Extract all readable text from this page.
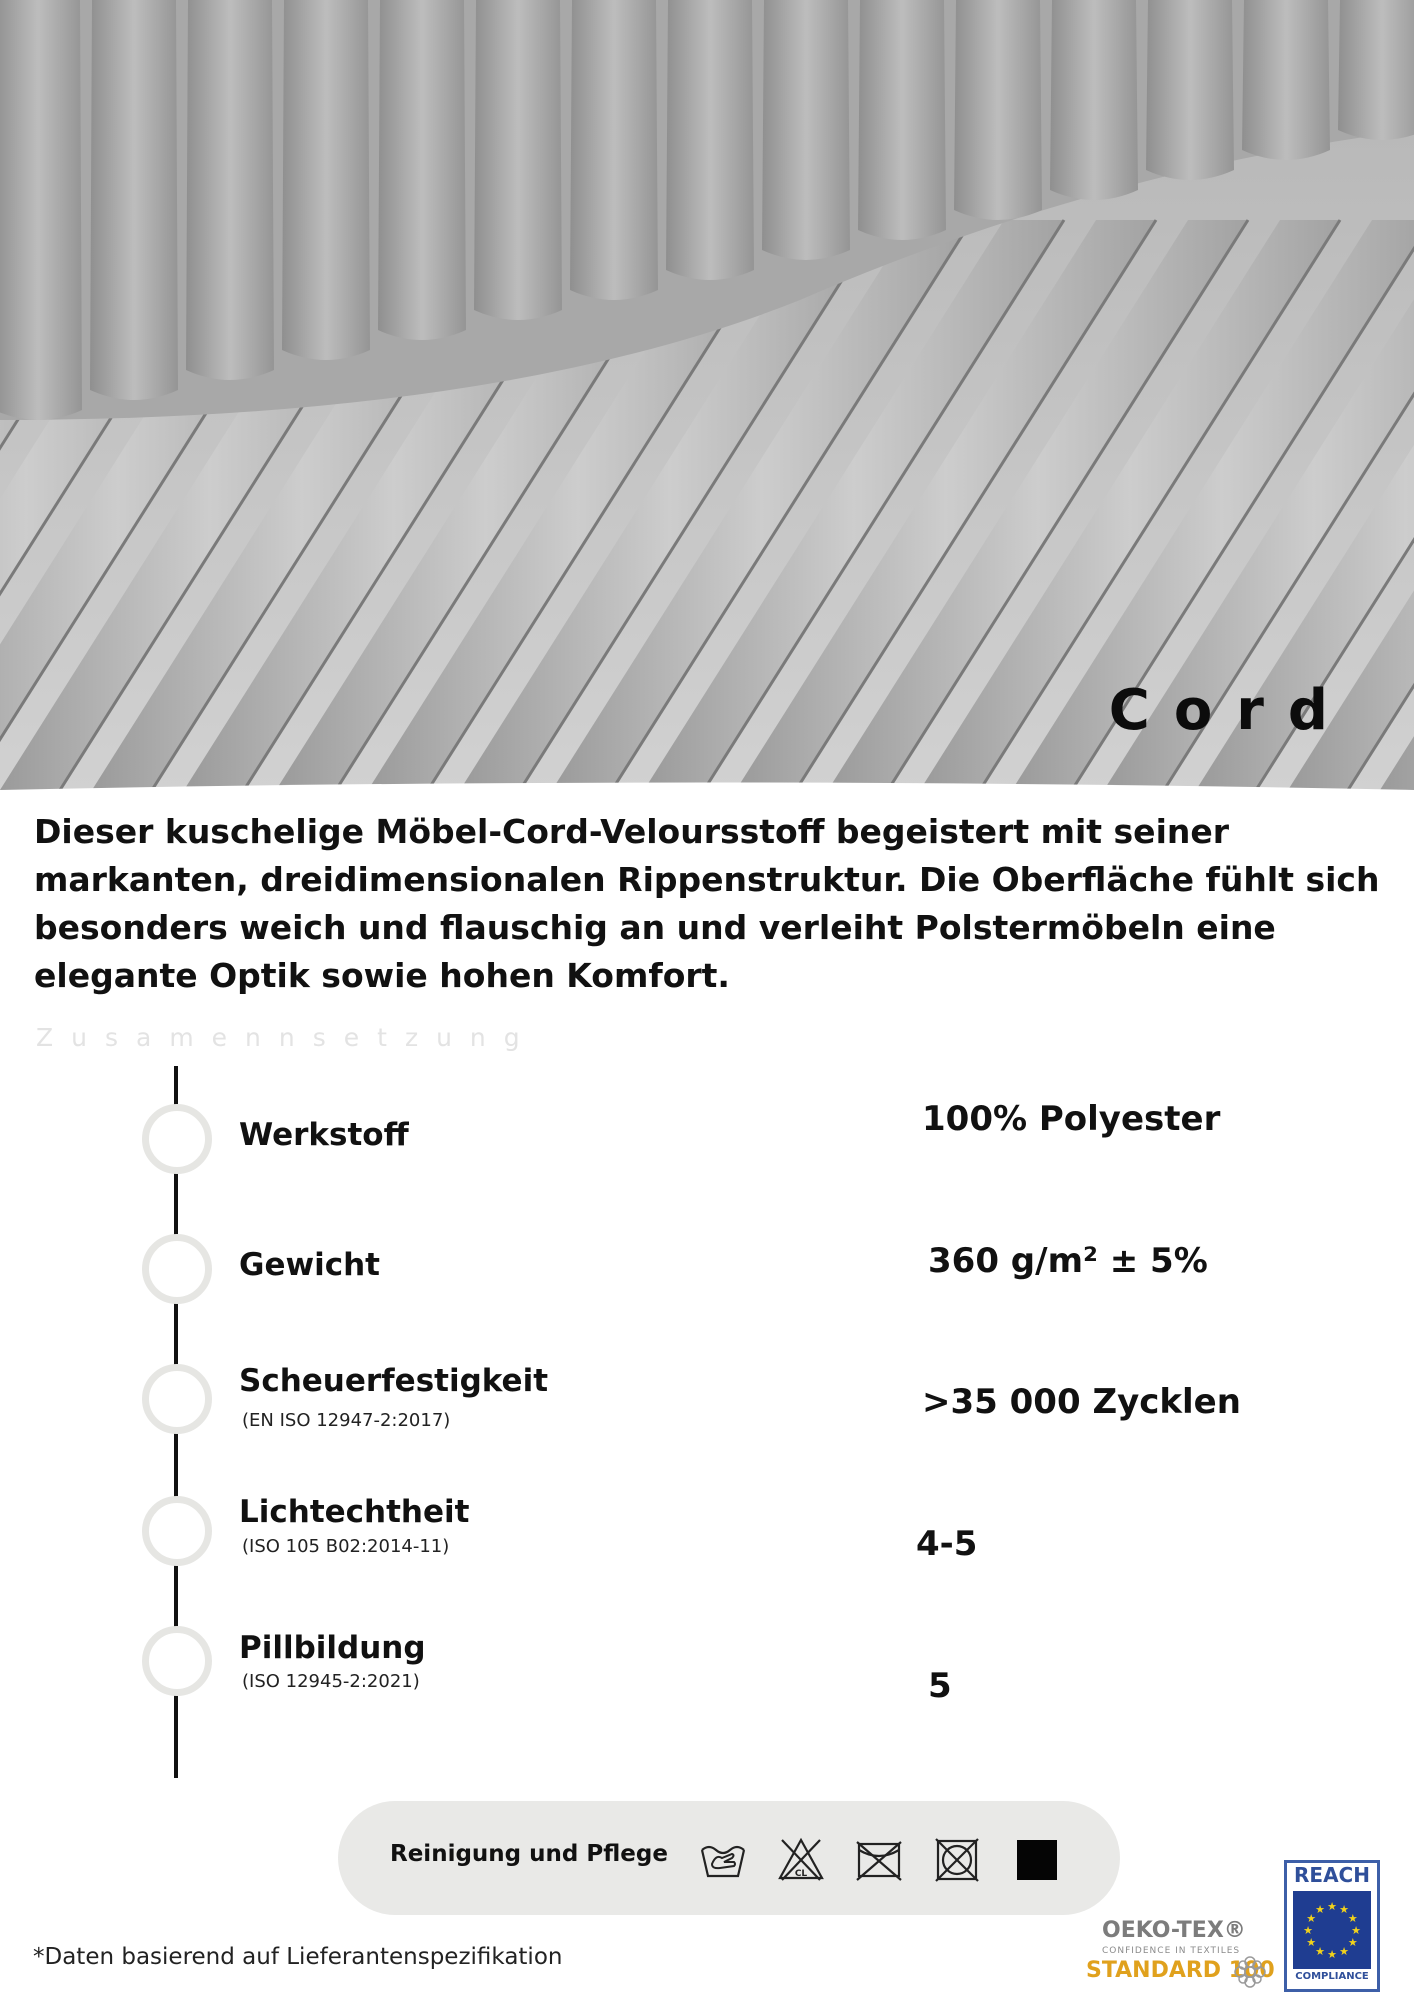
Cord
Dieser kuschelige Möbel-Cord-Veloursstoff begeistert mit seiner markanten, dreidimensionalen Rippenstruktur. Die Oberfläche fühlt sich besonders weich und flauschig an und verleiht Polstermöbeln eine elegante Optik sowie hohen Komfort.
Zusamennsetzung
Werkstoff	100% Polyester
Gewicht	360 g/m² ± 5%
Scheuerfestigkeit
(EN ISO 12947-2:2017)	>35 000 Zycklen
Lichtechtheit
(ISO 105 B02:2014-11)	4-5
Pillbildung
(ISO 12945-2:2021)	5
Reinigung und Pflege
CL
*Daten basierend auf Lieferantenspezifikation
OEKO-TEX®
CONFIDENCE IN TEXTILES
STANDARD 100
REACH
★
★
★
★
★
★
★
★
★ ★ ★
★
COMPLIANCE
